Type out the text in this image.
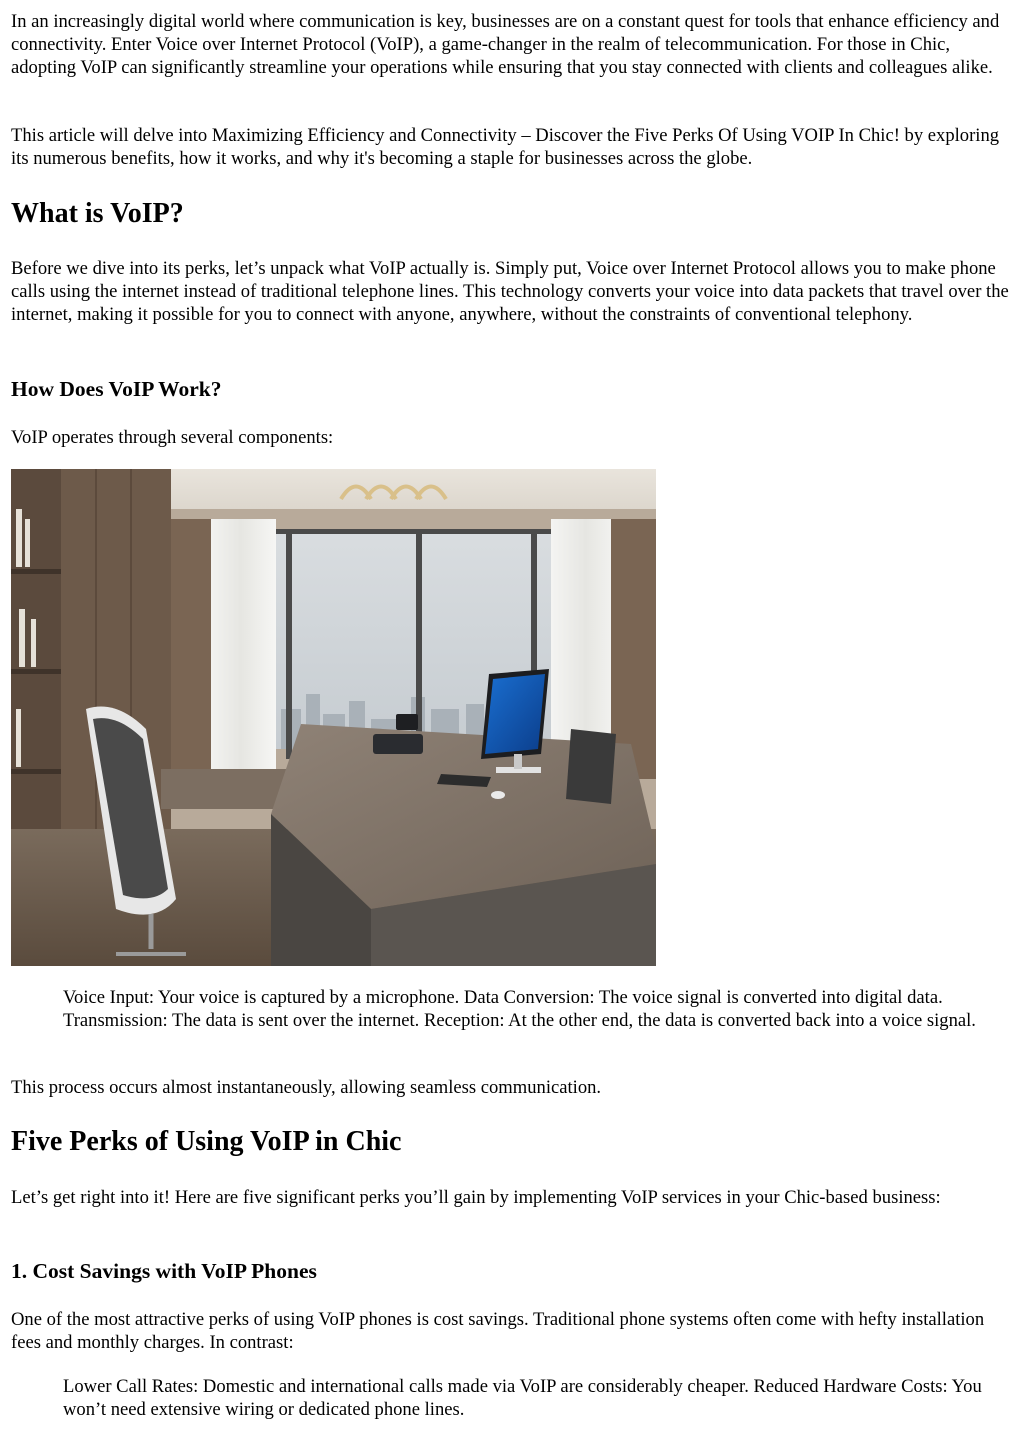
In an increasingly digital world where communication is key, businesses are on a constant quest for tools that enhance efficiency and connectivity. Enter Voice over Internet Protocol (VoIP), a game-changer in the realm of telecommunication. For those in Chic, adopting VoIP can significantly streamline your operations while ensuring that you stay connected with clients and colleagues alike.

This article will delve into Maximizing Efficiency and Connectivity – Discover the Five Perks Of Using VOIP In Chic! by exploring its numerous benefits, how it works, and why it's becoming a staple for businesses across the globe.

What is VoIP?

Before we dive into its perks, let’s unpack what VoIP actually is. Simply put, Voice over Internet Protocol allows you to make phone calls using the internet instead of traditional telephone lines. This technology converts your voice into data packets that travel over the internet, making it possible for you to connect with anyone, anywhere, without the constraints of conventional telephony.

How Does VoIP Work?

VoIP operates through several components:

Voice Input: Your voice is captured by a microphone. Data Conversion: The voice signal is converted into digital data. Transmission: The data is sent over the internet. Reception: At the other end, the data is converted back into a voice signal.

This process occurs almost instantaneously, allowing seamless communication.

Five Perks of Using VoIP in Chic

Let’s get right into it! Here are five significant perks you’ll gain by implementing VoIP services in your Chic-based business:

1. Cost Savings with VoIP Phones

One of the most attractive perks of using VoIP phones is cost savings. Traditional phone systems often come with hefty installation fees and monthly charges. In contrast:

Lower Call Rates: Domestic and international calls made via VoIP are considerably cheaper. Reduced Hardware Costs: You won’t need extensive wiring or dedicated phone lines.
